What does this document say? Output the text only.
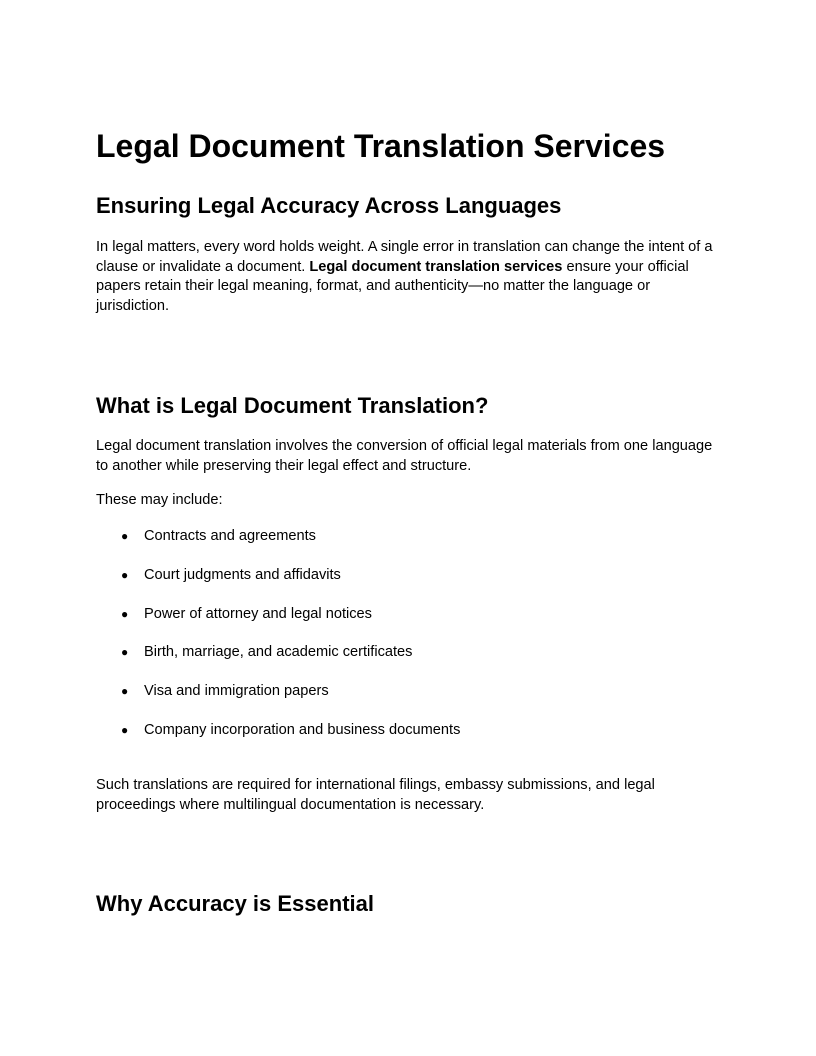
Legal Document Translation Services
Ensuring Legal Accuracy Across Languages

In legal matters, every word holds weight. A single error in translation can change the intent of a clause or invalidate a document. Legal document translation services ensure your official papers retain their legal meaning, format, and authenticity—no matter the language or jurisdiction.

What is Legal Document Translation?

Legal document translation involves the conversion of official legal materials from one language to another while preserving their legal effect and structure.

These may include:

● Contracts and agreements
● Court judgments and affidavits
● Power of attorney and legal notices
● Birth, marriage, and academic certificates
● Visa and immigration papers
● Company incorporation and business documents

Such translations are required for international filings, embassy submissions, and legal proceedings where multilingual documentation is necessary.

Why Accuracy is Essential
